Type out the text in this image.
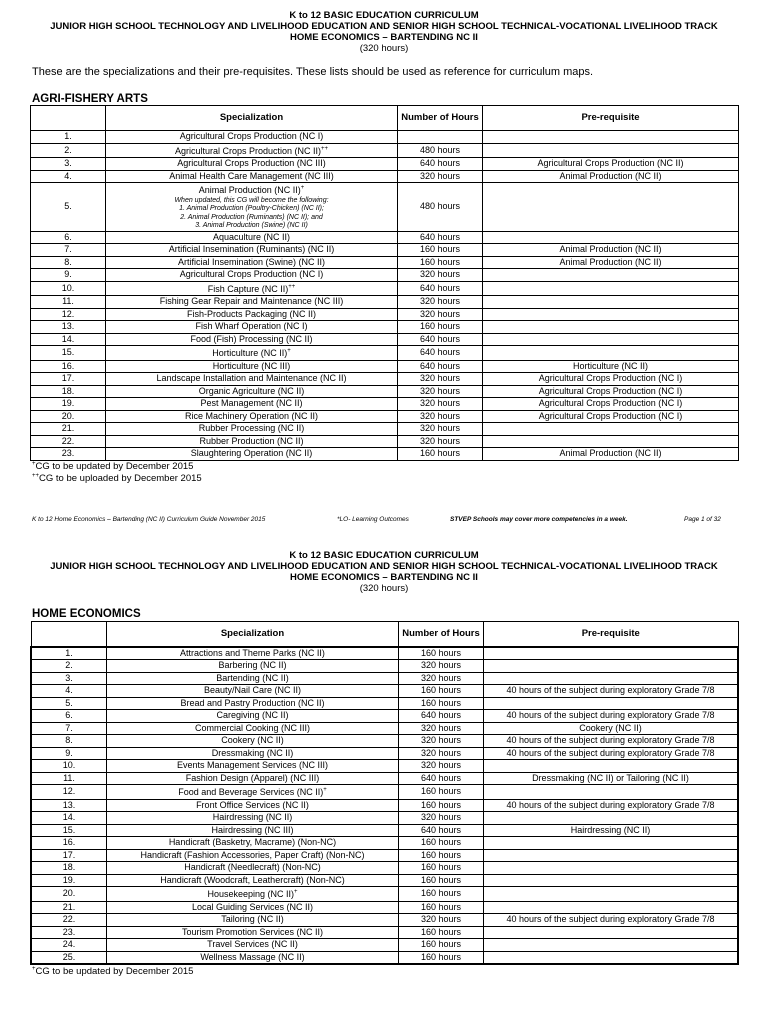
K to 12 BASIC EDUCATION CURRICULUM
JUNIOR HIGH SCHOOL TECHNOLOGY AND LIVELIHOOD EDUCATION AND SENIOR HIGH SCHOOL TECHNICAL-VOCATIONAL LIVELIHOOD TRACK
HOME ECONOMICS – BARTENDING NC II
(320 hours)
These are the specializations and their pre-requisites. These lists should be used as reference for curriculum maps.
AGRI-FISHERY ARTS
	Specialization	Number of Hours	Pre-requisite
1.	Agricultural Crops Production (NC I)		
2.	Agricultural Crops Production (NC II)++	480 hours	
3.	Agricultural Crops Production (NC III)	640 hours	Agricultural Crops Production (NC II)
4.	Animal Health Care Management (NC III)	320 hours	Animal Production (NC II)
5.	Animal Production (NC II)+
When updated, this CG will become the following:
1. Animal Production (Poultry-Chicken) (NC II);
2. Animal Production (Ruminants) (NC II); and
3. Animal Production (Swine) (NC II)	480 hours	
6.	Aquaculture (NC II)	640 hours	
7.	Artificial Insemination (Ruminants) (NC II)	160 hours	Animal Production (NC II)
8.	Artificial Insemination (Swine) (NC II)	160 hours	Animal Production (NC II)
9.	Agricultural Crops Production (NC I)	320 hours	
10.	Fish Capture (NC II)++	640 hours	
11.	Fishing Gear Repair and Maintenance (NC III)	320 hours	
12.	Fish-Products Packaging (NC II)	320 hours	
13.	Fish Wharf Operation (NC I)	160 hours	
14.	Food (Fish) Processing (NC II)	640 hours	
15.	Horticulture (NC II)+	640 hours	
16.	Horticulture (NC III)	640 hours	Horticulture (NC II)
17.	Landscape Installation and Maintenance (NC II)	320 hours	Agricultural Crops Production (NC I)
18.	Organic Agriculture (NC II)	320 hours	Agricultural Crops Production (NC I)
19.	Pest Management (NC II)	320 hours	Agricultural Crops Production (NC I)
20.	Rice Machinery Operation (NC II)	320 hours	Agricultural Crops Production (NC I)
21.	Rubber Processing (NC II)	320 hours	
22.	Rubber Production (NC II)	320 hours	
23.	Slaughtering Operation (NC II)	160 hours	Animal Production (NC II)
+CG to be updated by December 2015
++CG to be uploaded by December 2015
K to 12 Home Economics – Bartending (NC II) Curriculum Guide November 2015	*LO- Learning Outcomes	STVEP Schools may cover more competencies in a week.	Page 1 of 32
K to 12 BASIC EDUCATION CURRICULUM
JUNIOR HIGH SCHOOL TECHNOLOGY AND LIVELIHOOD EDUCATION AND SENIOR HIGH SCHOOL TECHNICAL-VOCATIONAL LIVELIHOOD TRACK
HOME ECONOMICS – BARTENDING NC II
(320 hours)
HOME ECONOMICS
	Specialization	Number of Hours	Pre-requisite
1.	Attractions and Theme Parks (NC II)	160 hours	
2.	Barbering (NC II)	320 hours	
3.	Bartending (NC II)	320 hours	
4.	Beauty/Nail Care (NC II)	160 hours	40 hours of the subject during exploratory Grade 7/8
5.	Bread and Pastry Production (NC II)	160 hours	
6.	Caregiving (NC II)	640 hours	40 hours of the subject during exploratory Grade 7/8
7.	Commercial Cooking (NC III)	320 hours	Cookery (NC II)
8.	Cookery (NC II)	320 hours	40 hours of the subject during exploratory Grade 7/8
9.	Dressmaking (NC II)	320 hours	40 hours of the subject during exploratory Grade 7/8
10.	Events Management Services (NC III)	320 hours	
11.	Fashion Design (Apparel) (NC III)	640 hours	Dressmaking (NC II) or Tailoring (NC II)
12.	Food and Beverage Services (NC II)+	160 hours	
13.	Front Office Services (NC II)	160 hours	40 hours of the subject during exploratory Grade 7/8
14.	Hairdressing (NC II)	320 hours	
15.	Hairdressing (NC III)	640 hours	Hairdressing (NC II)
16.	Handicraft (Basketry, Macrame) (Non-NC)	160 hours	
17.	Handicraft (Fashion Accessories, Paper Craft) (Non-NC)	160 hours	
18.	Handicraft (Needlecraft) (Non-NC)	160 hours	
19.	Handicraft (Woodcraft, Leathercraft) (Non-NC)	160 hours	
20.	Housekeeping (NC II)+	160 hours	
21.	Local Guiding Services (NC II)	160 hours	
22.	Tailoring (NC II)	320 hours	40 hours of the subject during exploratory Grade 7/8
23.	Tourism Promotion Services (NC II)	160 hours	
24.	Travel Services (NC II)	160 hours	
25.	Wellness Massage (NC II)	160 hours	
+CG to be updated by December 2015
